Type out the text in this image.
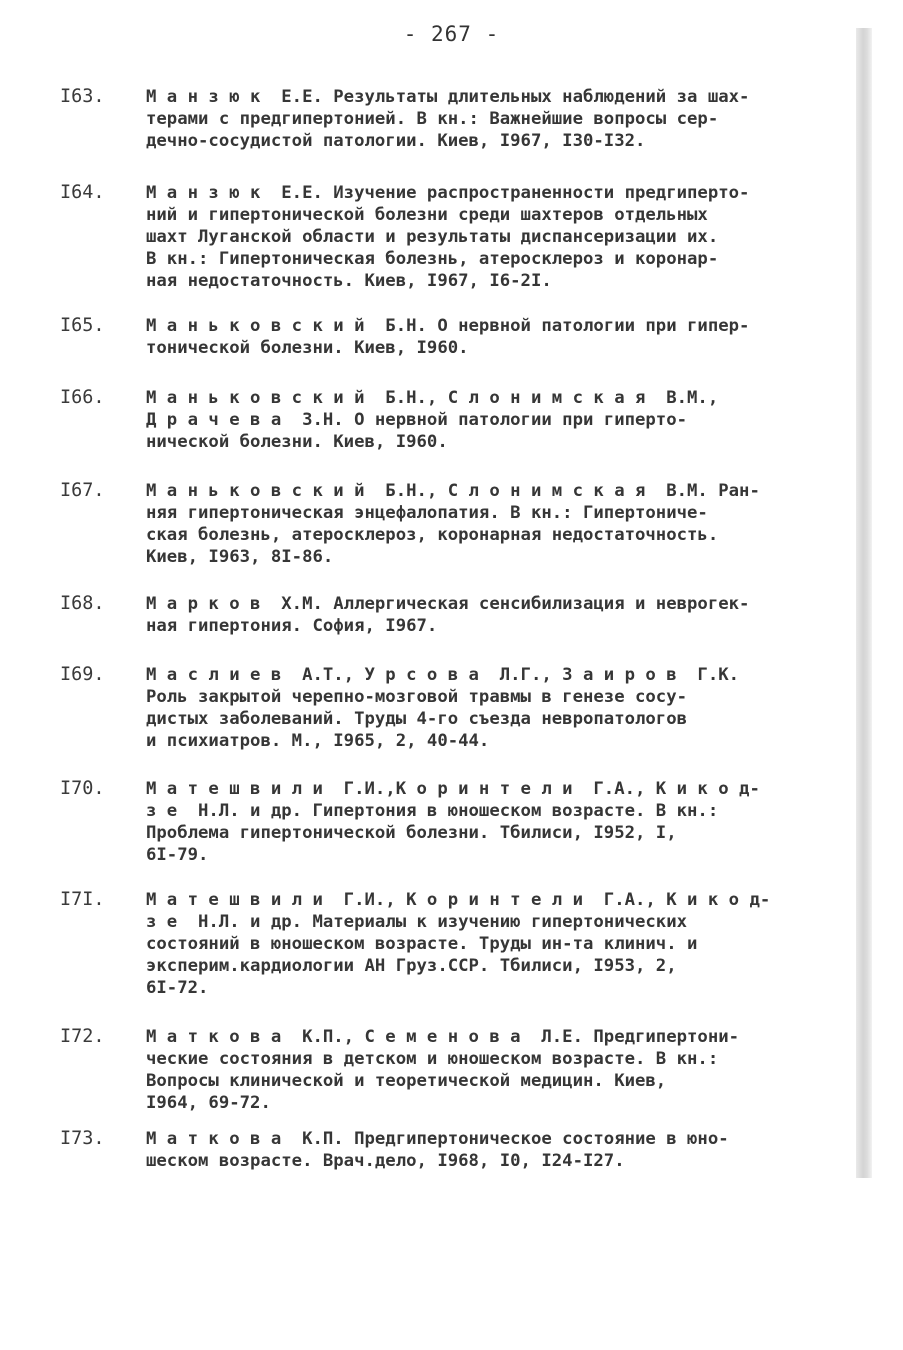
- 267 -
I63.	М а н з ю к  Е.Е. Результаты длительных наблюдений за шах-
терами с предгипертонией. В кн.: Важнейшие вопросы сер-
дечно-сосудистой патологии. Киев, I967, I30-I32.
I64.	М а н з ю к  Е.Е. Изучение распространенности предгиперто-
ний и гипертонической болезни среди шахтеров отдельных
шахт Луганской области и результаты диспансеризации их.
В кн.: Гипертоническая болезнь, атеросклероз и коронар-
ная недостаточность. Киев, I967, I6-2I.
I65.	М а н ь к о в с к и й  Б.Н. О нервной патологии при гипер-
тонической болезни. Киев, I960.
I66.	М а н ь к о в с к и й  Б.Н., С л о н и м с к а я  В.М.,
Д р а ч е в а  З.Н. О нервной патологии при гиперто-
нической болезни. Киев, I960.
I67.	М а н ь к о в с к и й  Б.Н., С л о н и м с к а я  В.М. Ран-
няя гипертоническая энцефалопатия. В кн.: Гипертониче-
ская болезнь, атеросклероз, коронарная недостаточность.
Киев, I963, 8I-86.
I68.	М а р к о в  Х.М. Аллергическая сенсибилизация и неврогек-
ная гипертония. София, I967.
I69.	М а с л и е в  А.Т., У р с о в а  Л.Г., З а и р о в  Г.К.
Роль закрытой черепно-мозговой травмы в генезе сосу-
дистых заболеваний. Труды 4-го съезда невропатологов
и психиатров. М., I965, 2, 40-44.
I70.	М а т е ш в и л и  Г.И.,К о р и н т е л и  Г.А., К и к о д-
з е  Н.Л. и др. Гипертония в юношеском возрасте. В кн.:
Проблема гипертонической болезни. Тбилиси, I952, I,
6I-79.
I7I.	М а т е ш в и л и  Г.И., К о р и н т е л и  Г.А., К и к о д-
з е  Н.Л. и др. Материалы к изучению гипертонических
состояний в юношеском возрасте. Труды ин-та клинич. и
эксперим.кардиологии АН Груз.ССР. Тбилиси, I953, 2,
6I-72.
I72.	М а т к о в а  К.П., С е м е н о в а  Л.Е. Предгипертони-
ческие состояния в детском и юношеском возрасте. В кн.:
Вопросы клинической и теоретической медицин. Киев,
I964, 69-72.
I73.	М а т к о в а  К.П. Предгипертоническое состояние в юно-
шеском возрасте. Врач.дело, I968, I0, I24-I27.
